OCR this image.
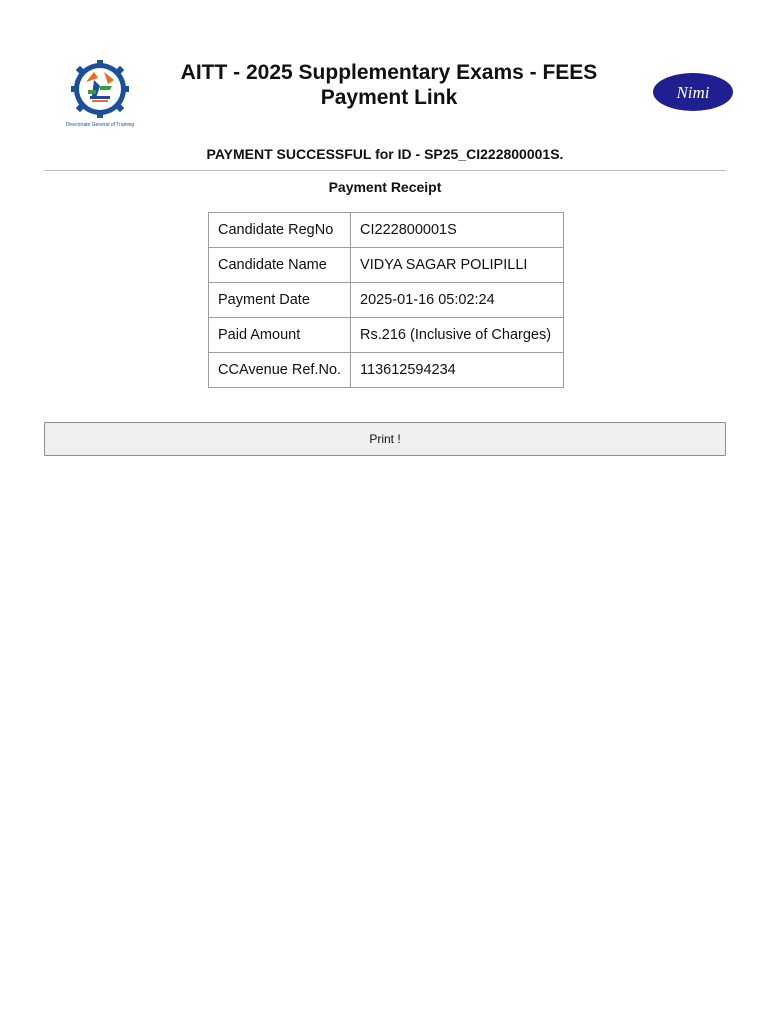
Directorate General of Training
AITT - 2025 Supplementary Exams - FEES Payment Link	Nimi
PAYMENT SUCCESSFUL for ID - SP25_CI222800001S.
Payment Receipt
Candidate RegNo	CI222800001S
Candidate Name	VIDYA SAGAR POLIPILLI
Payment Date	2025-01-16 05:02:24
Paid Amount	Rs.216 (Inclusive of Charges)
CCAvenue Ref.No.	113612594234
Print !
